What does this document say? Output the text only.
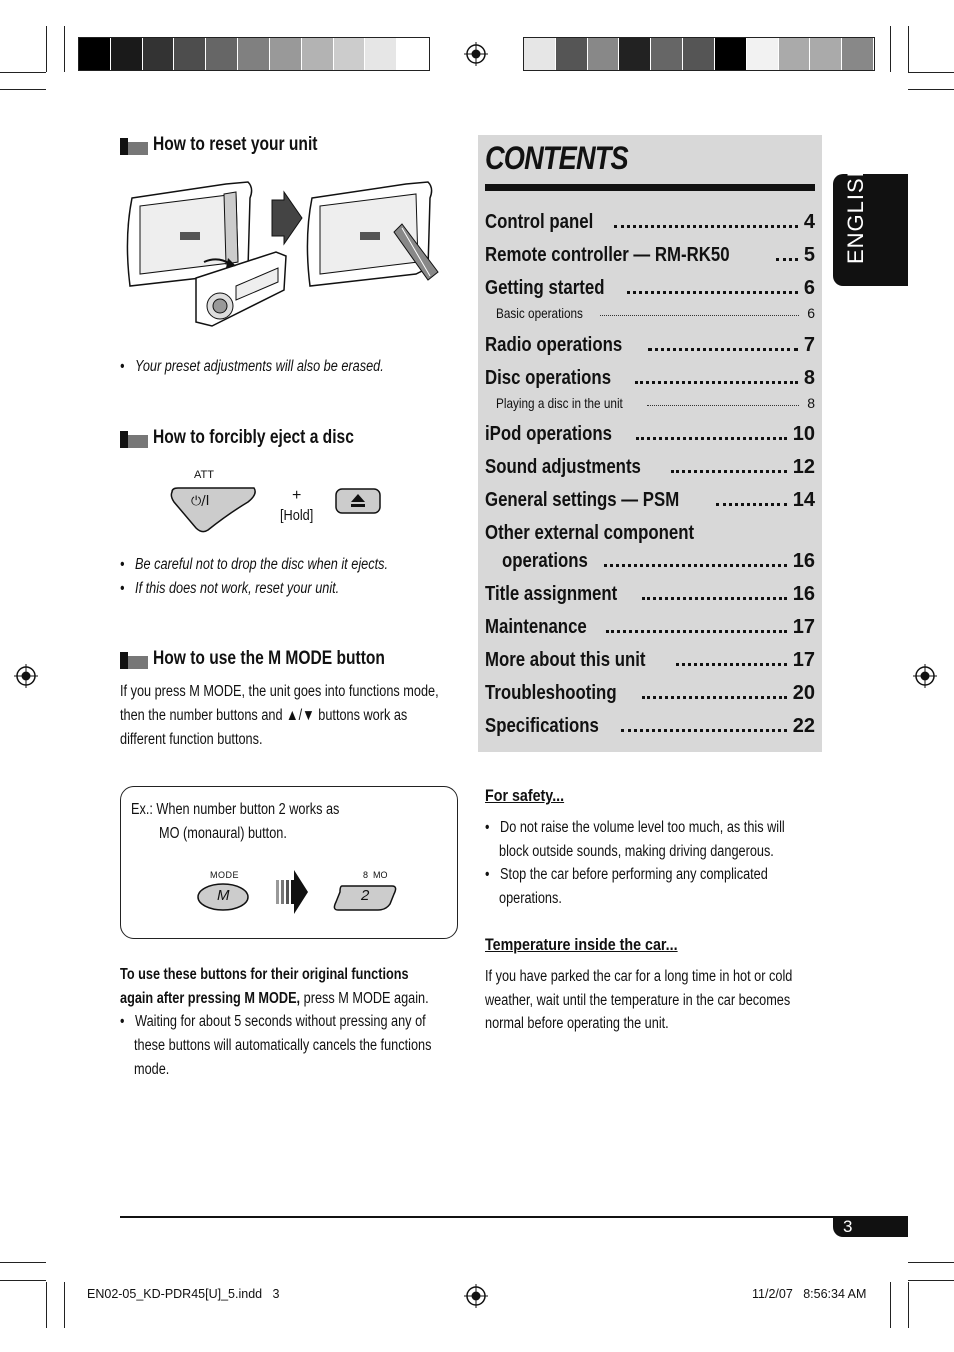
ENGLISH
How to reset your unit
•   Your preset adjustments will also be erased.
How to forcibly eject a disc
ATT
⏻/I	+
[Hold]
•   Be careful not to drop the disc when it ejects.
•   If this does not work, reset your unit.
How to use the M MODE button
If you press M MODE, the unit goes into functions mode,
then the number buttons and ▲/▼ buttons work as
different function buttons.
Ex.: When number button 2 works as
MO (monaural) button.
MODE
M
8  MO
2
To use these buttons for their original functions
again after pressing M MODE, press M MODE again.
•   Waiting for about 5 seconds without pressing any of
these buttons will automatically cancels the functions
mode.
CONTENTS
Control panel	4
Remote controller — RM-RK50	5
Getting started	6
Basic operations	6
Radio operations	7
Disc operations	8
Playing a disc in the unit	8
iPod operations	10
Sound adjustments	12
General settings — PSM	14
Other external component
operations	16
Title assignment	16
Maintenance	17
More about this unit	17
Troubleshooting	20
Specifications	22
For safety...
•   Do not raise the volume level too much, as this will
block outside sounds, making driving dangerous.
•   Stop the car before performing any complicated
operations.
Temperature inside the car...
If you have parked the car for a long time in hot or cold
weather, wait until the temperature in the car becomes
normal before operating the unit.
3
EN02-05_KD-PDR45[U]_5.indd   3	11/2/07   8:56:34 AM
